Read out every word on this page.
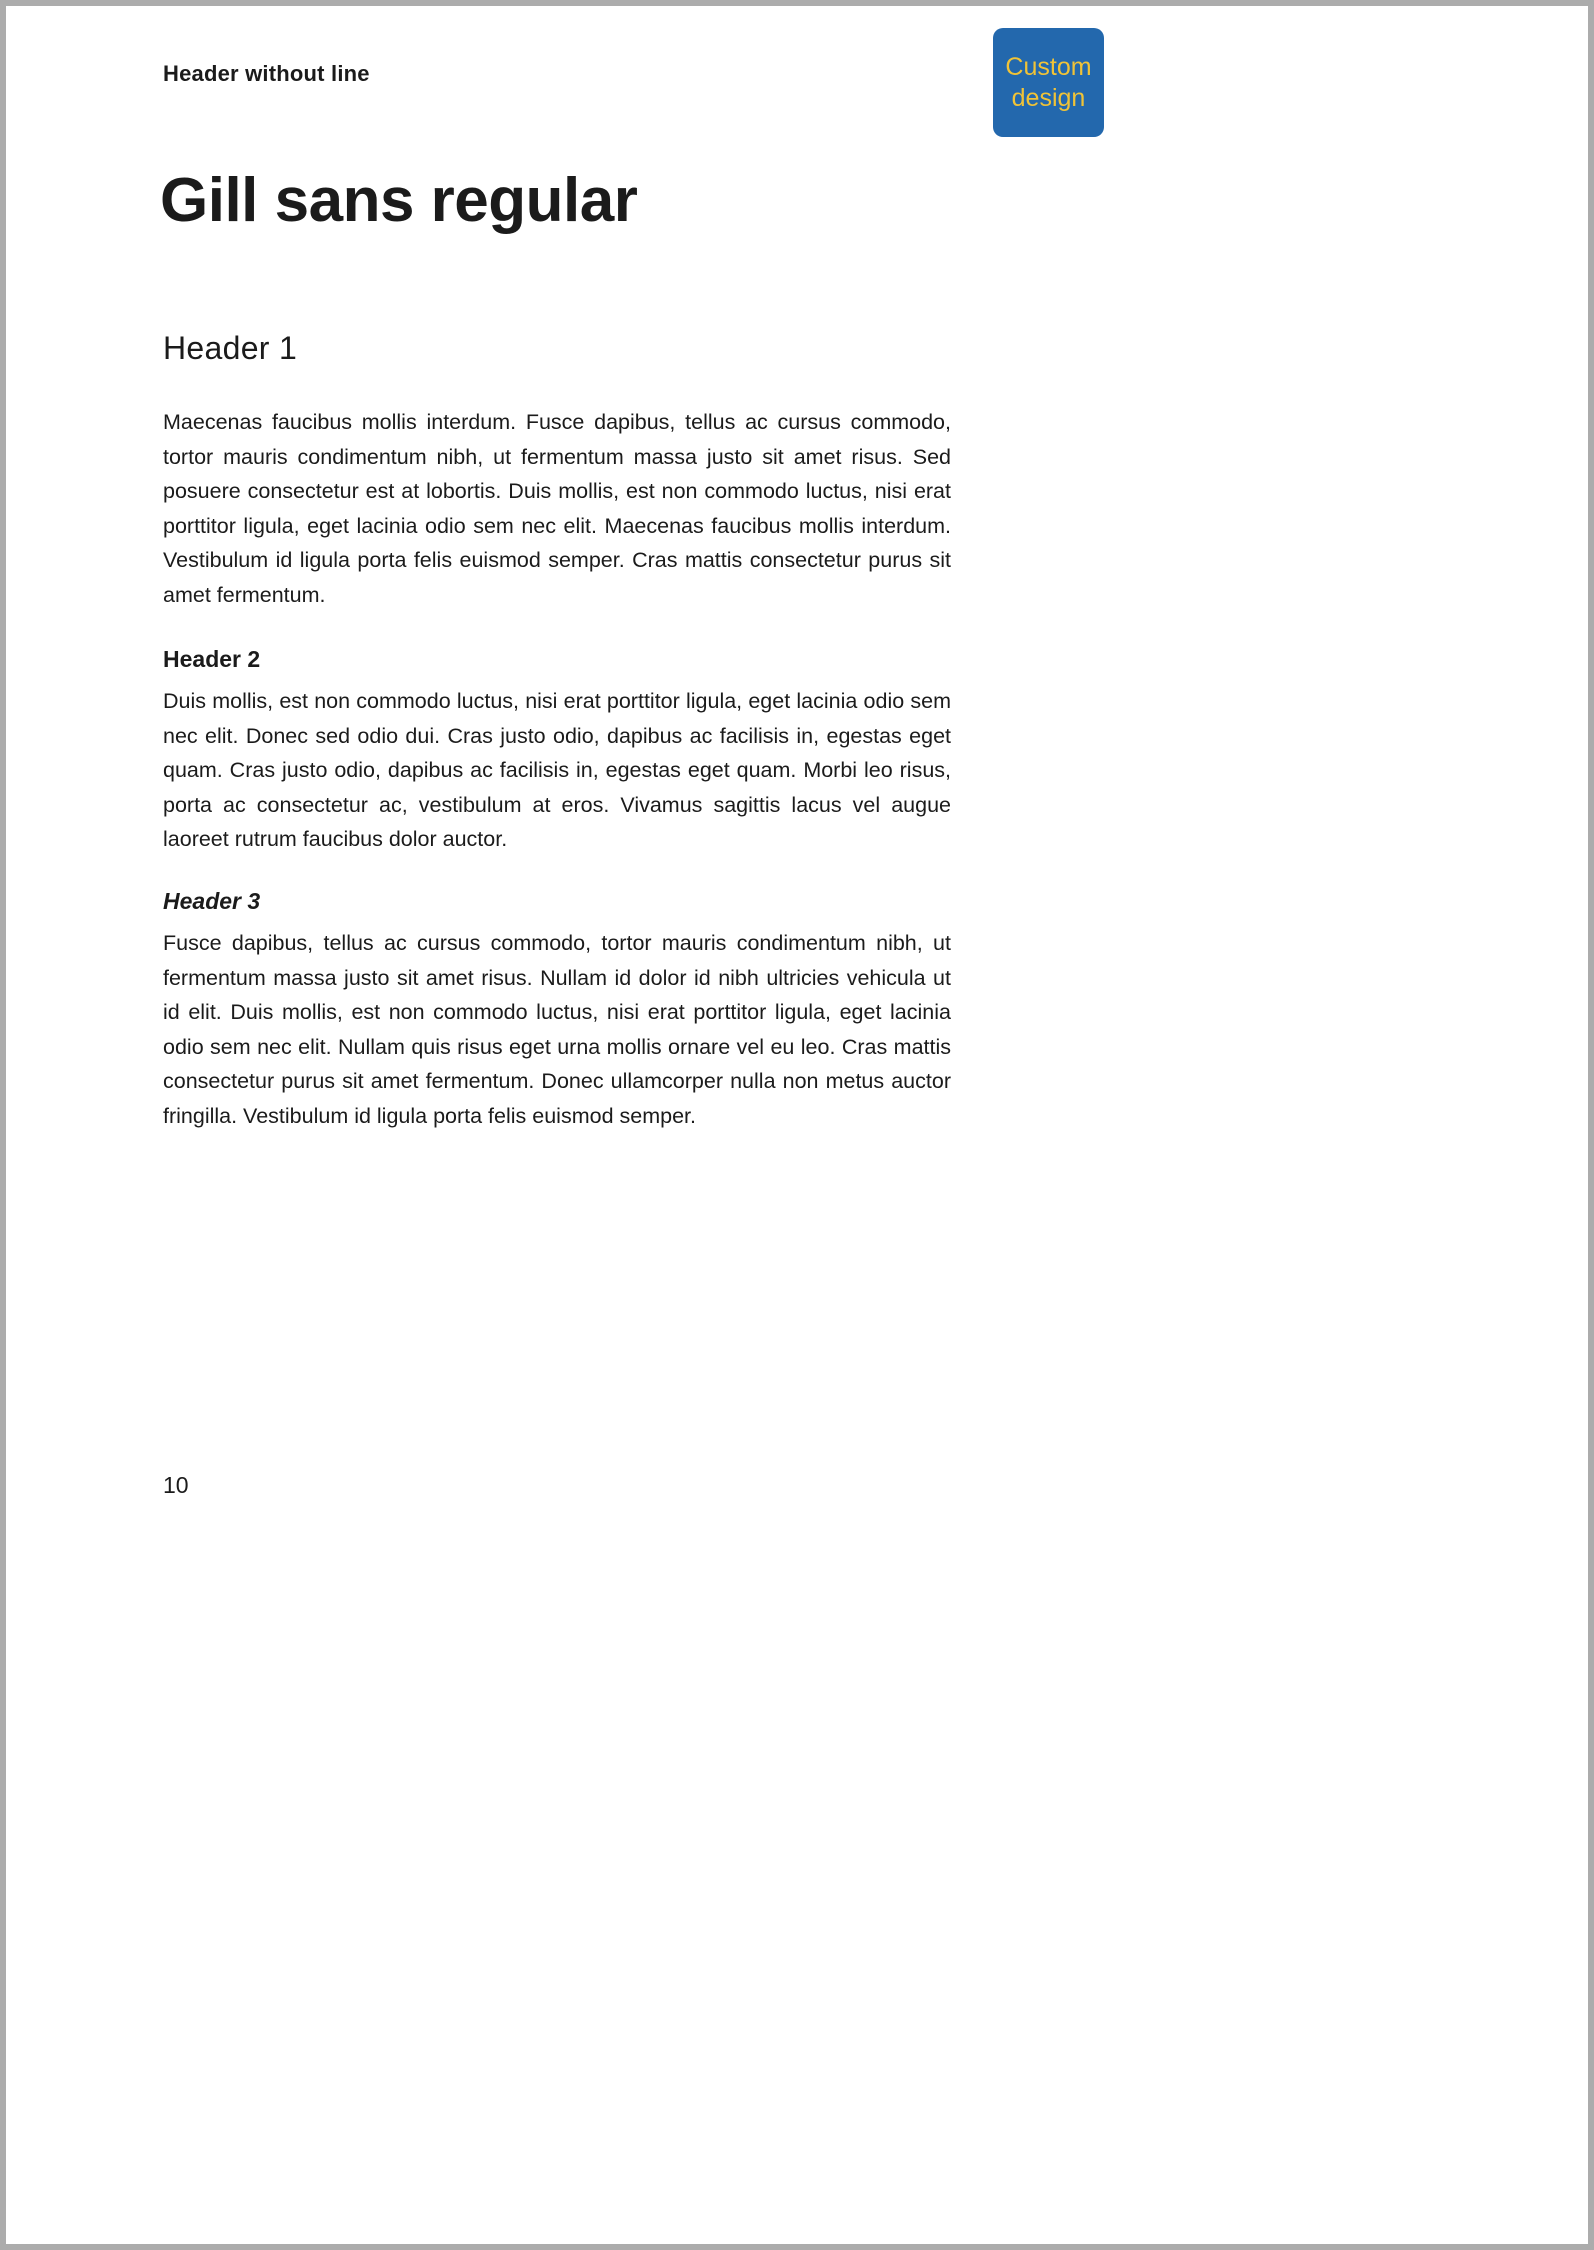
Header without line	Custom
design
Gill sans regular
Header 1

Maecenas faucibus mollis interdum. Fusce dapibus, tellus ac cursus commodo, tortor mauris condimentum nibh, ut fermentum massa justo sit amet risus. Sed posuere consectetur est at lobortis. Duis mollis, est non commodo luctus, nisi erat porttitor ligula, eget lacinia odio sem nec elit. Maecenas faucibus mollis interdum. Vestibulum id ligula porta felis euismod semper. Cras mattis consectetur purus sit amet fermentum.

Header 2

Duis mollis, est non commodo luctus, nisi erat porttitor ligula, eget lacinia odio sem nec elit. Donec sed odio dui. Cras justo odio, dapibus ac facilisis in, egestas eget quam. Cras justo odio, dapibus ac facilisis in, egestas eget quam. Morbi leo risus, porta ac consectetur ac, vestibulum at eros. Vivamus sagittis lacus vel augue laoreet rutrum faucibus dolor auctor.

Header 3

Fusce dapibus, tellus ac cursus commodo, tortor mauris condimentum nibh, ut fermentum massa justo sit amet risus. Nullam id dolor id nibh ultricies vehicula ut id elit. Duis mollis, est non commodo luctus, nisi erat porttitor ligula, eget lacinia odio sem nec elit. Nullam quis risus eget urna mollis ornare vel eu leo. Cras mattis consectetur purus sit amet fermentum. Donec ullamcorper nulla non metus auctor fringilla. Vestibulum id ligula porta felis euismod semper.

10
